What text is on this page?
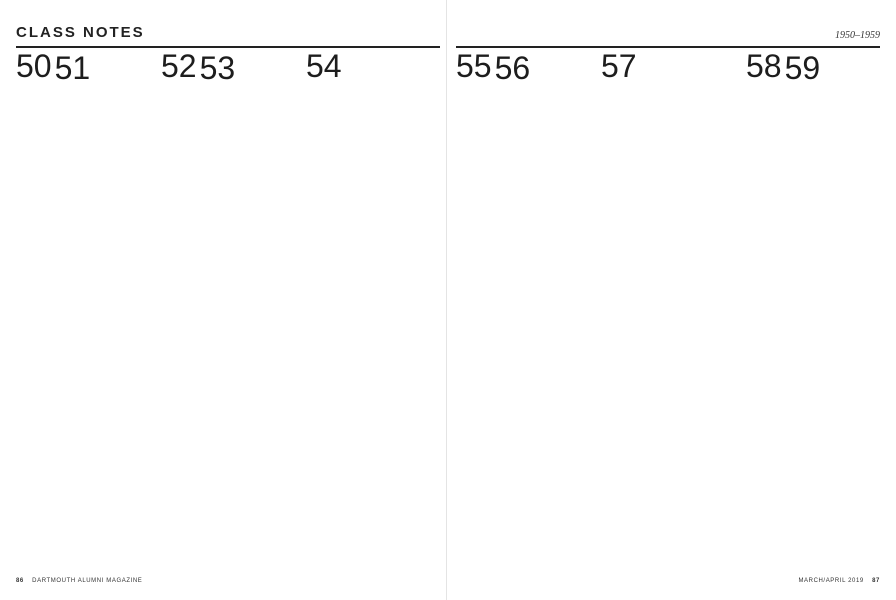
CLASS NOTES
50 51 52 53 54
86 DARTMOUTH ALUMNI MAGAZINE
1950–1959
55 56 57	58 59
MARCH/APRIL 2019 87
